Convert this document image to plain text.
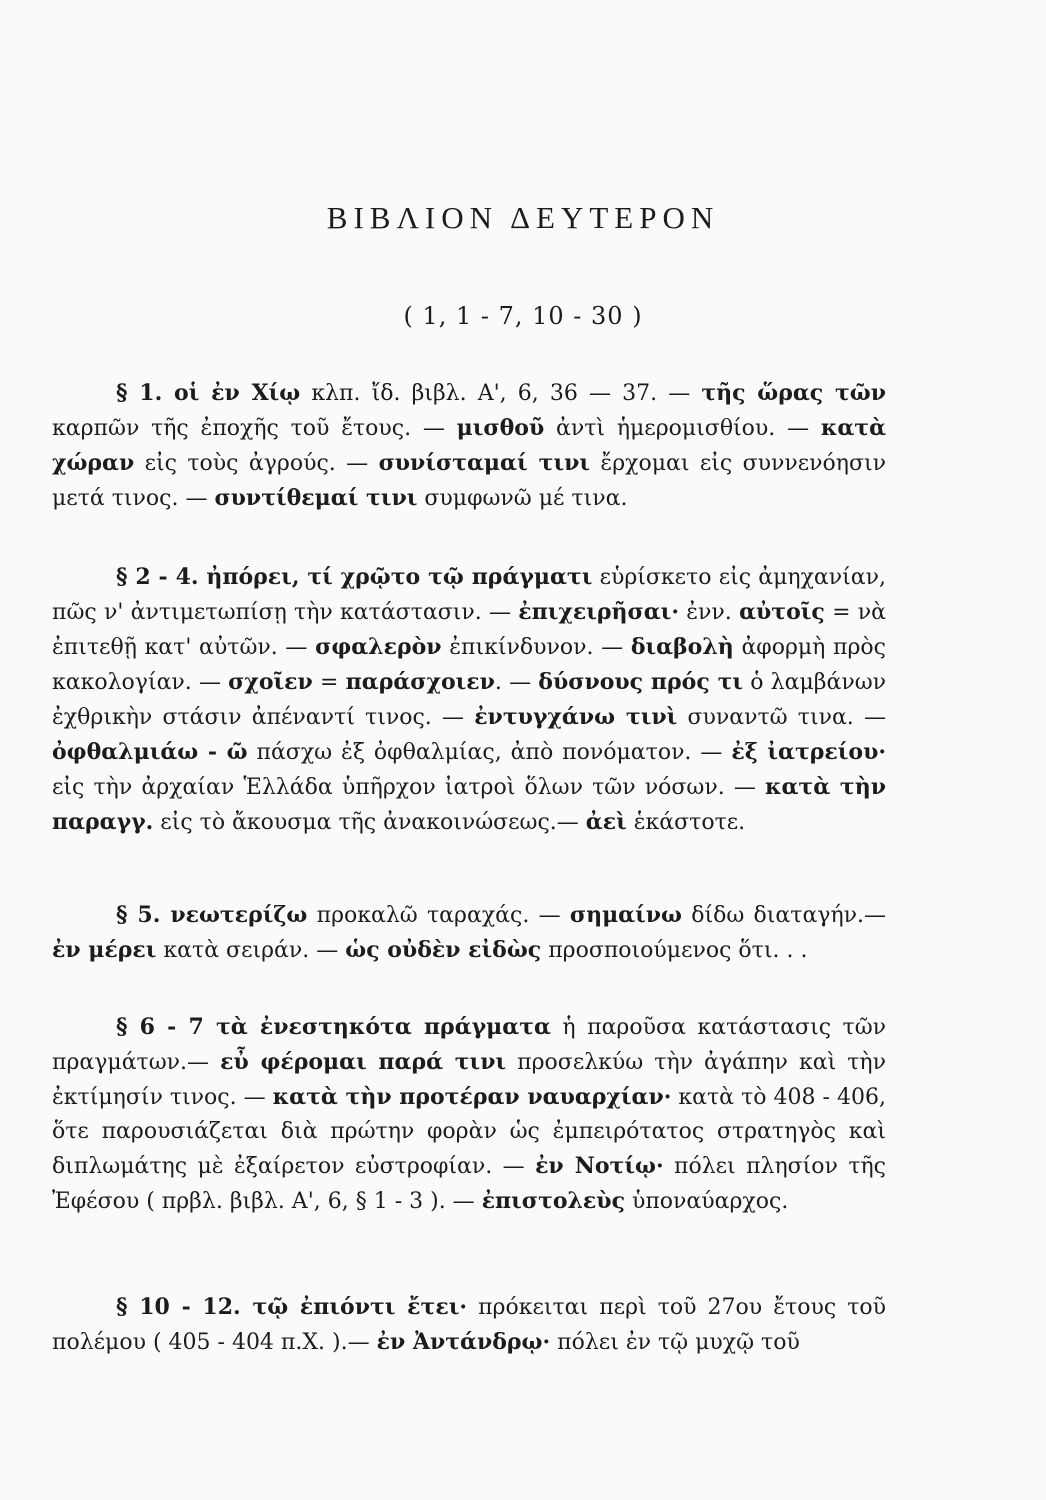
ΒΙΒΛΙΟΝ ΔΕΥΤΕΡΟΝ
( 1, 1 - 7, 10 - 30 )
§ 1. οἱ ἐν Χίῳ κλπ. ἴδ. βιβλ. Α', 6, 36 — 37. — τῆς ὥρας τῶν καρπῶν τῆς ἐποχῆς τοῦ ἔτους. — μισθοῦ ἀντὶ ἡμερομισθίου. — κατὰ χώραν εἰς τοὺς ἀγρούς. — συνίσταμαί τινι ἔρχομαι εἰς συννενόησιν μετά τινος. — συντίθεμαί τινι συμφωνῶ μέ τινα.
§ 2 - 4. ἠπόρει, τί χρῷτο τῷ πράγματι εὑρίσκετο εἰς ἀμηχανίαν, πῶς ν' ἀντιμετωπίσῃ τὴν κατάστασιν. — ἐπιχειρῆσαι· ἐνν. αὐτοῖς = νὰ ἐπιτεθῇ κατ' αὐτῶν. — σφαλερὸν ἐπικίνδυνον. — διαβολὴ ἀφορμὴ πρὸς κακολογίαν. — σχοῖεν = παράσχοιεν. — δύσνους πρός τι ὁ λαμβάνων ἐχθρικὴν στάσιν ἀπέναντί τινος. — ἐντυγχάνω τινὶ συναντῶ τινα. — ὀφθαλμιάω - ῶ πάσχω ἐξ ὀφθαλμίας, ἀπὸ πονόματον. — ἐξ ἰατρείου· εἰς τὴν ἀρχαίαν Ἑλλάδα ὑπῆρχον ἰατροὶ ὅλων τῶν νόσων. — κατὰ τὴν παραγγ. εἰς τὸ ἄκουσμα τῆς ἀνακοινώσεως.— ἀεὶ ἑκάστοτε.
§ 5. νεωτερίζω προκαλῶ ταραχάς. — σημαίνω δίδω διαταγήν.— ἐν μέρει κατὰ σειράν. — ὡς οὐδὲν εἰδὼς προσποιούμενος ὅτι. . .
§ 6 - 7 τὰ ἐνεστηκότα πράγματα ἡ παροῦσα κατάστασις τῶν πραγμάτων.— εὖ φέρομαι παρά τινι προσελκύω τὴν ἀγάπην καὶ τὴν ἐκτίμησίν τινος. — κατὰ τὴν προτέραν ναυαρχίαν· κατὰ τὸ 408 - 406, ὅτε παρουσιάζεται διὰ πρώτην φορὰν ὡς ἐμπειρότατος στρατηγὸς καὶ διπλωμάτης μὲ ἐξαίρετον εὐστροφίαν. — ἐν Νοτίῳ· πόλει πλησίον τῆς Ἐφέσου ( πρβλ. βιβλ. Α', 6, § 1 - 3 ). — ἐπιστολεὺς ὑποναύαρχος.
§ 10 - 12. τῷ ἐπιόντι ἔτει· πρόκειται περὶ τοῦ 27ου ἔτους τοῦ πολέμου ( 405 - 404 π.Χ. ).— ἐν Ἀντάνδρῳ· πόλει ἐν τῷ μυχῷ τοῦ
